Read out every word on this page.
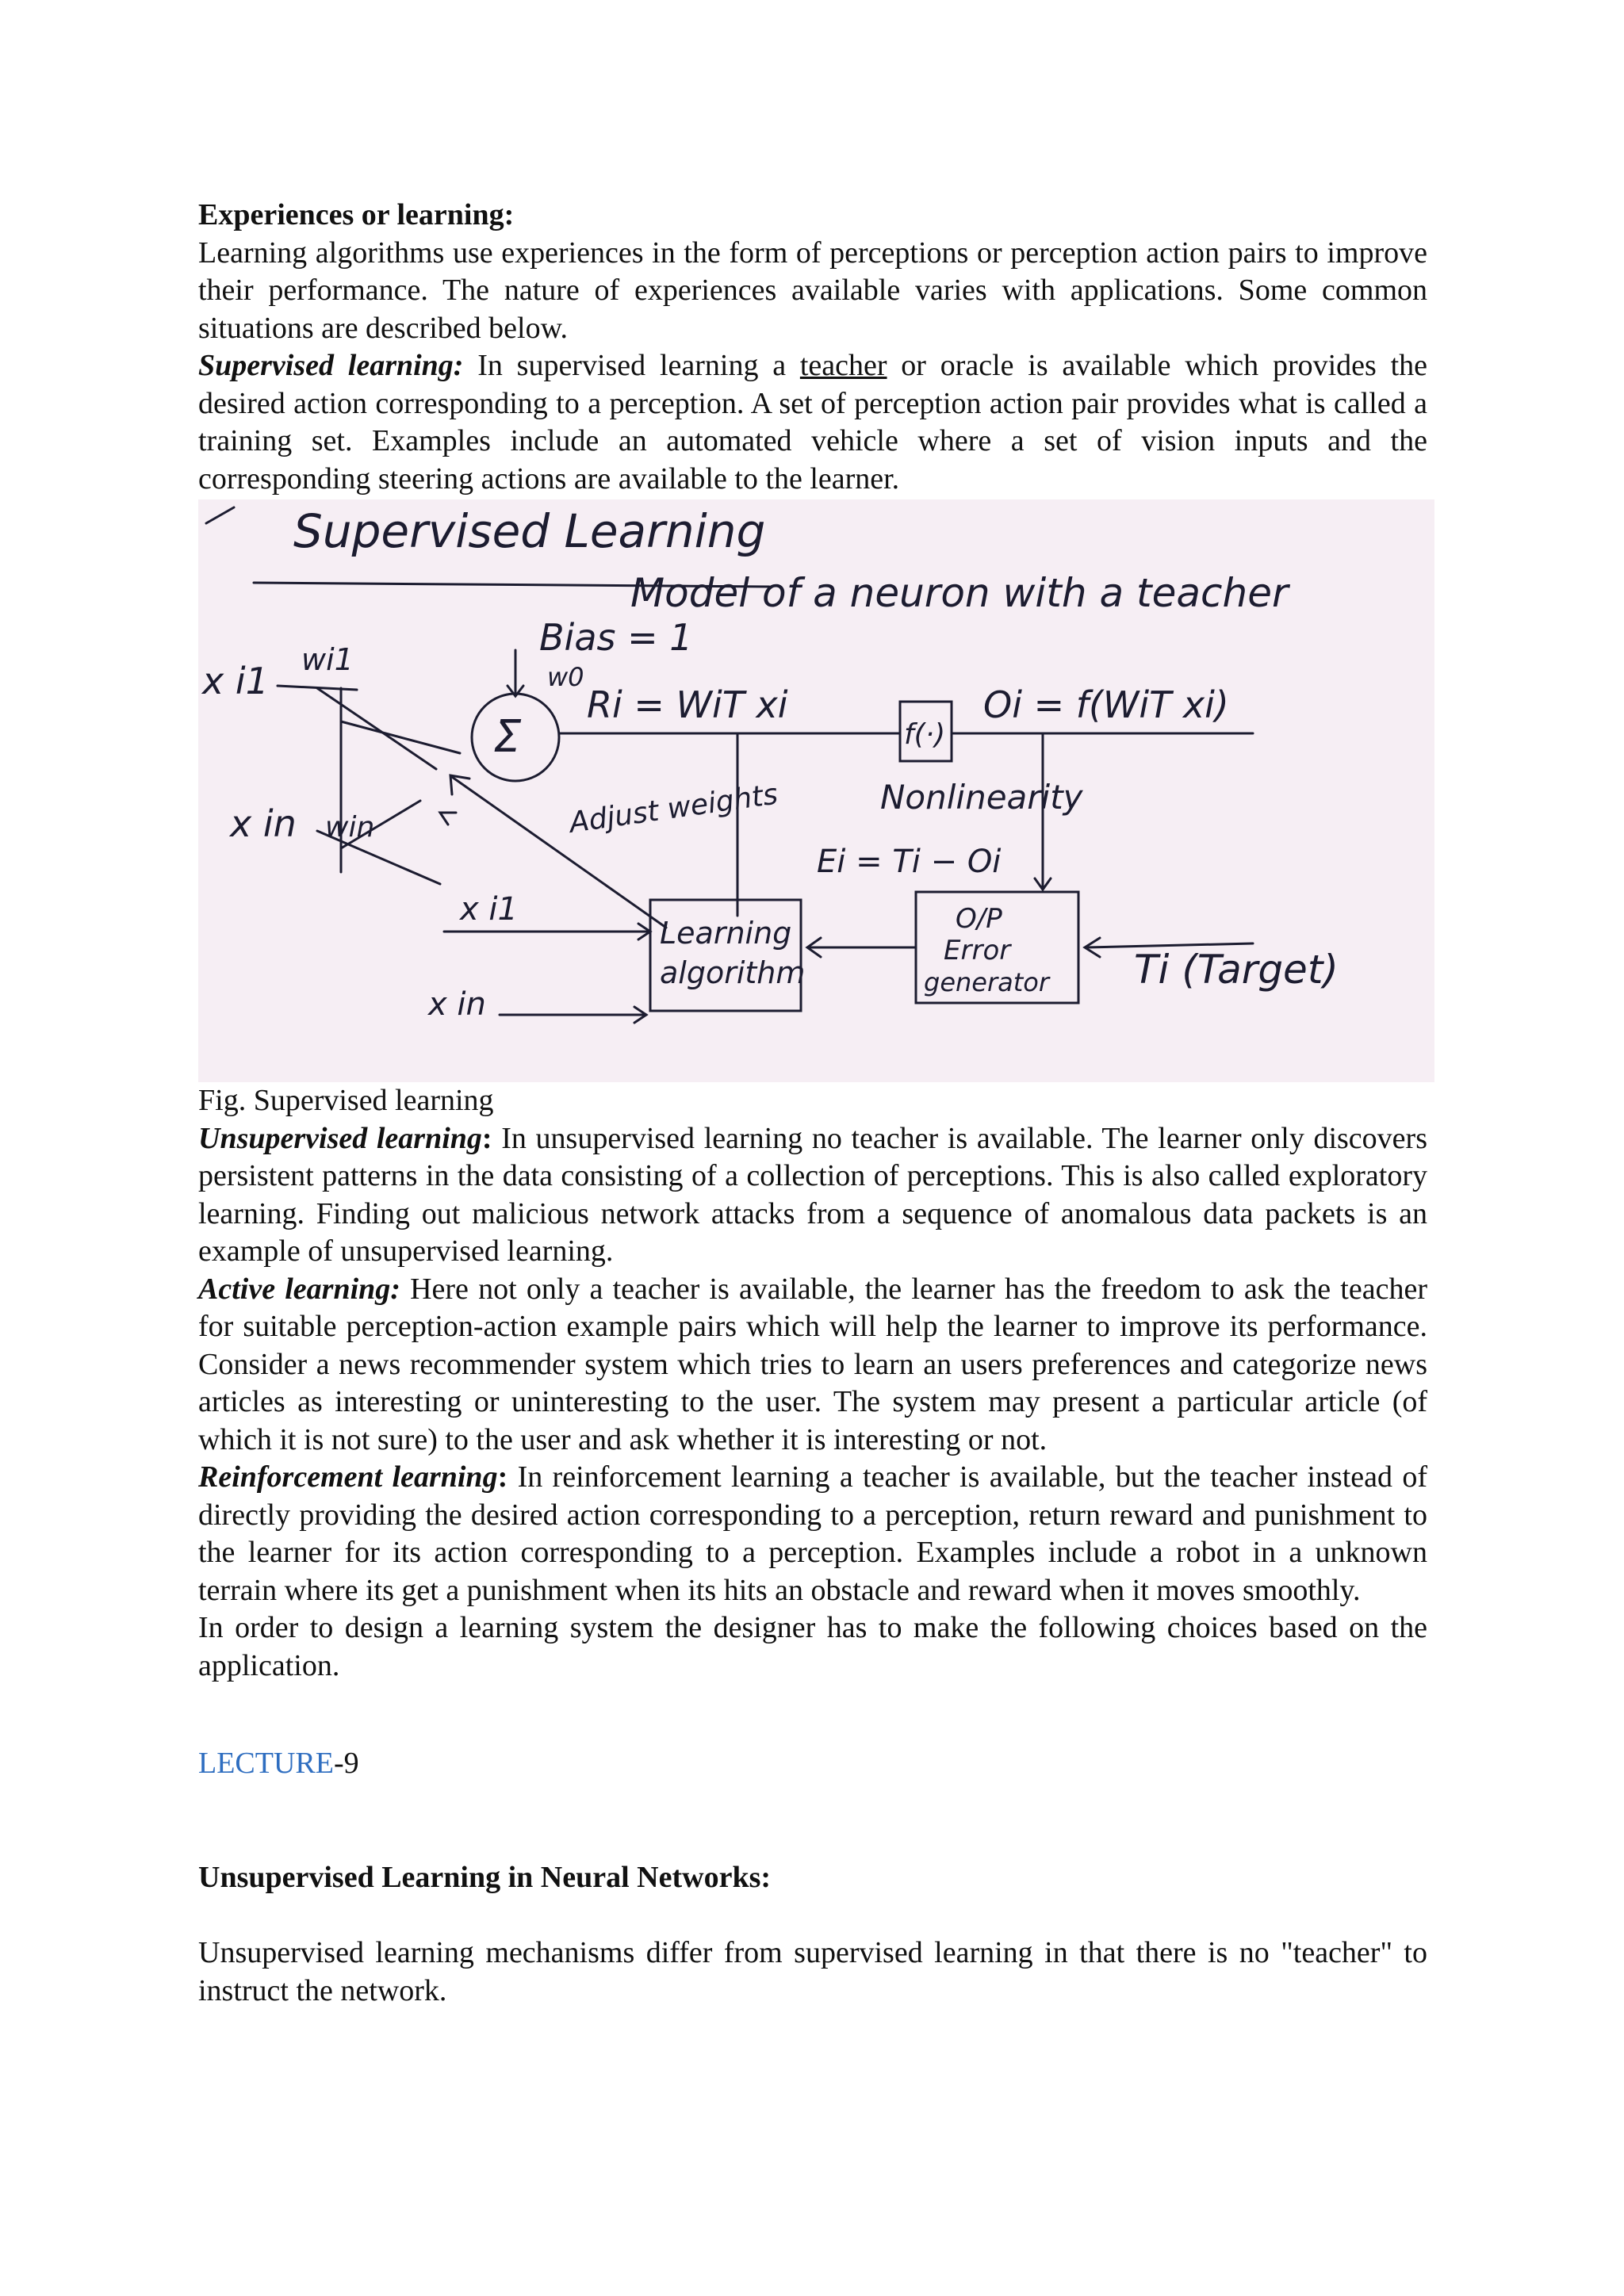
Experiences or learning:

Learning algorithms use experiences in the form of perceptions or perception action pairs to improve their performance. The nature of experiences available varies with applications. Some common situations are described below.

Supervised learning: In supervised learning a teacher or oracle is available which provides the desired action corresponding to a perception. A set of perception action pair provides what is called a training set. Examples include an automated vehicle where a set of vision inputs and the corresponding steering actions are available to the learner.

Supervised Learning
Model of a neuron with a teacher
Bias = 1
w0
x i1 wi1
x in win
Σ
Ri = WiT xi
f(·)
Oi = f(WiT xi)
Nonlinearity
Adjust weights
Ei = Ti − Oi
x i1
x in
Learning
algorithm
O/P
Error
generator Ti (Target)

Fig. Supervised learning

Unsupervised learning: In unsupervised learning no teacher is available. The learner only discovers persistent patterns in the data consisting of a collection of perceptions. This is also called exploratory learning. Finding out malicious network attacks from a sequence of anomalous data packets is an example of unsupervised learning.

Active learning: Here not only a teacher is available, the learner has the freedom to ask the teacher for suitable perception-action example pairs which will help the learner to improve its performance. Consider a news recommender system which tries to learn an users preferences and categorize news articles as interesting or uninteresting to the user. The system may present a particular article (of which it is not sure) to the user and ask whether it is interesting or not.

Reinforcement learning: In reinforcement learning a teacher is available, but the teacher instead of directly providing the desired action corresponding to a perception, return reward and punishment to the learner for its action corresponding to a perception. Examples include a robot in a unknown terrain where its get a punishment when its hits an obstacle and reward when it moves smoothly.

In order to design a learning system the designer has to make the following choices based on the application.

LECTURE-9

Unsupervised Learning in Neural Networks:

Unsupervised learning mechanisms differ from supervised learning in that there is no "teacher" to instruct the network.
